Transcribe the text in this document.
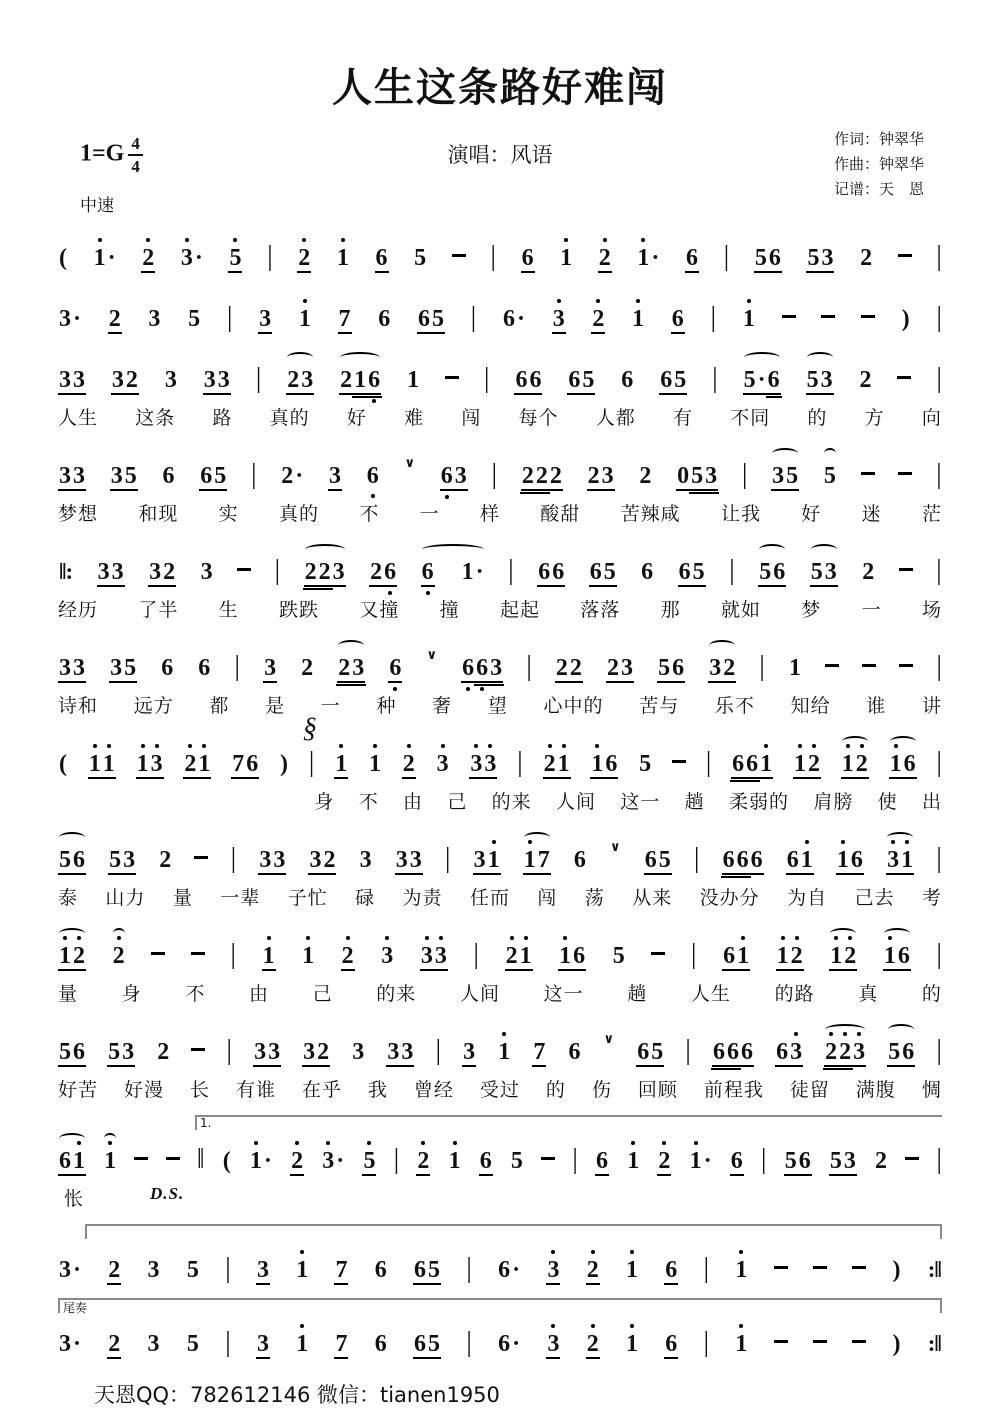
人生这条路好难闯
$1=G \frac{4}{4}$	演唱：风语
作词：钟翠华
作曲：钟翠华
记谱：天　恩
中速
( 1· 2 3· 5 | 2 1 6 5 | 6 1 2 1· 6 | 56 53 2 |
3· 2 3 5 | 3 1 7 6 65 | 6· 3 2 1 6 | 1	) |
33 32 3 33 | 23 216 1 | 66 65 6 65 | 5·6 53 2 |
人生 这条 路 真的 好 难 闯 每个 人都 有 不同 的 方 向
33 35 6 65 | 2· 3 6
∨
6
3 | 222 23 2 053 | 35 5	|
梦想 和现 实 真的 不 一 样 酸甜 苦辣咸 让我 好 迷 茫
‖: 33 32 3 | 223 26 6
  1· | 66 65 6 65 | 56 53 2 |
经历 了半 生 跌跌 又撞 撞 起起 落落 那 就如 梦 一 场
33 35 6 6 | 3 2 23 6
∨
6
6
3 | 22 23 56 32 | 1	|
诗和 远方 都 是 一 种 奢 望 心中的 苦与 乐不 知给 谁 讲
( 11 13 21 76 )
§
| 1 1 2 3 33 | 21 16 5 | 661 12 12 16 |
身 不 由 己 的来 人间 这一 趟 柔弱的 肩膀 使 出
56 53 2 | 33 32 3 33 | 31 17 6
∨
65 | 666 61 16 31 |
泰 山力 量 一辈 子忙 碌 为责 任而 闯 荡 从来 没办分 为自 己去 考
12 2	| 1 1 2 3 33 | 21 16 5 | 61 12 12 16 |
量 身 不 由 己 的来 人间 这一 趟 人生 的路 真 的
56 53 2 | 33 32 3 33 | 3 1 7 6
∨
65 | 666 63 223 56 |
好苦 好漫 长 有谁 在乎 我 曾经 受过 的 伤 回顾 前程我 徒留 满腹 惆
1.
61 1	‖ ( 1· 2 3· 5 | 2 1 6 5 | 6 1 2 1· 6 | 56 53 2 |
怅	D.S.
3· 2 3 5 | 3 1 7 6 65 | 6· 3 2 1 6 | 1	) :‖
尾奏
3· 2 3 5 | 3 1 7 6 65 | 6· 3 2 1 6 | 1	) :‖
天恩QQ：782612146 微信：tianen1950
